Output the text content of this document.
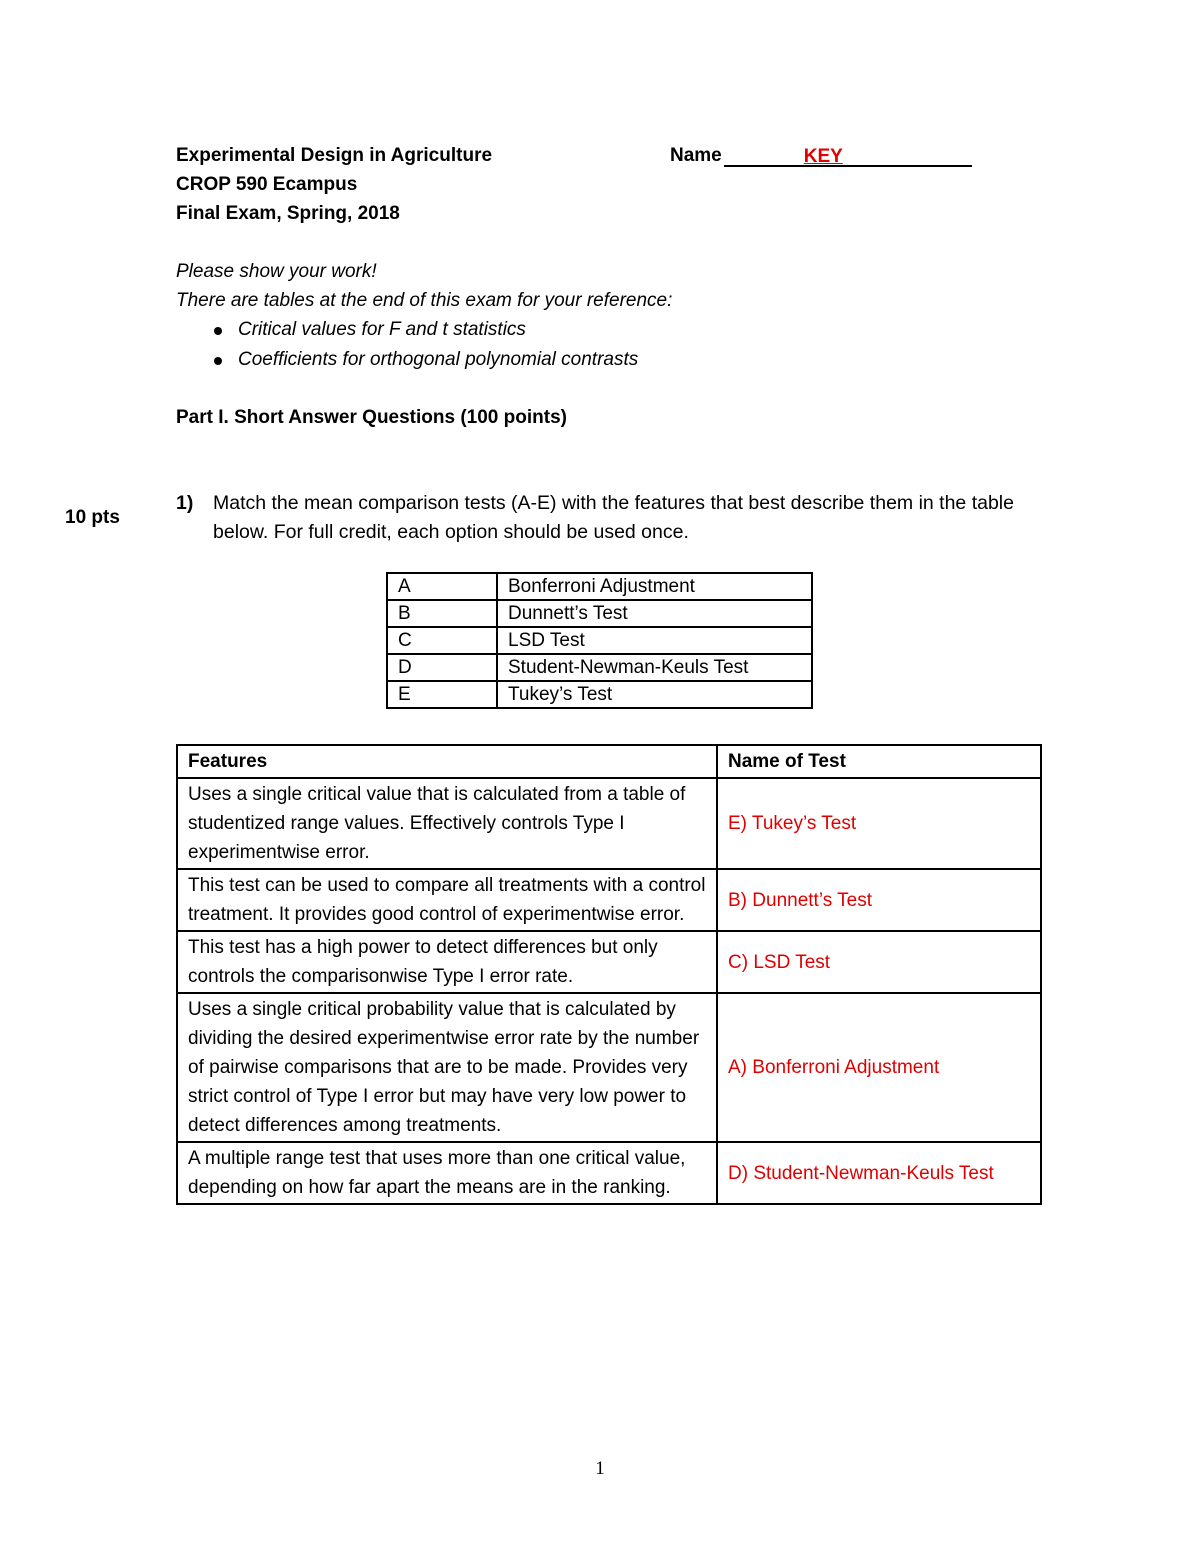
Experimental Design in Agriculture
CROP 590 Ecampus
Final Exam, Spring, 2018
Name	KEY
Please show your work!
There are tables at the end of this exam for your reference:
Critical values for F and t statistics
Coefficients for orthogonal polynomial contrasts
Part I. Short Answer Questions (100 points)
10 pts
1) Match the mean comparison tests (A-E) with the features that best describe them in the table below. For full credit, each option should be used once.
A	Bonferroni Adjustment
B	Dunnett’s Test
C	LSD Test
D	Student-Newman-Keuls Test
E	Tukey’s Test
Features	Name of Test
Uses a single critical value that is calculated from a table of studentized range values. Effectively controls Type I experimentwise error.	E) Tukey’s Test
This test can be used to compare all treatments with a control treatment. It provides good control of experimentwise error.	B) Dunnett’s Test
This test has a high power to detect differences but only controls the comparisonwise Type I error rate.	C) LSD Test
Uses a single critical probability value that is calculated by dividing the desired experimentwise error rate by the number of pairwise comparisons that are to be made. Provides very strict control of Type I error but may have very low power to detect differences among treatments.	A) Bonferroni Adjustment
A multiple range test that uses more than one critical value, depending on how far apart the means are in the ranking.	D) Student-Newman-Keuls Test
1
